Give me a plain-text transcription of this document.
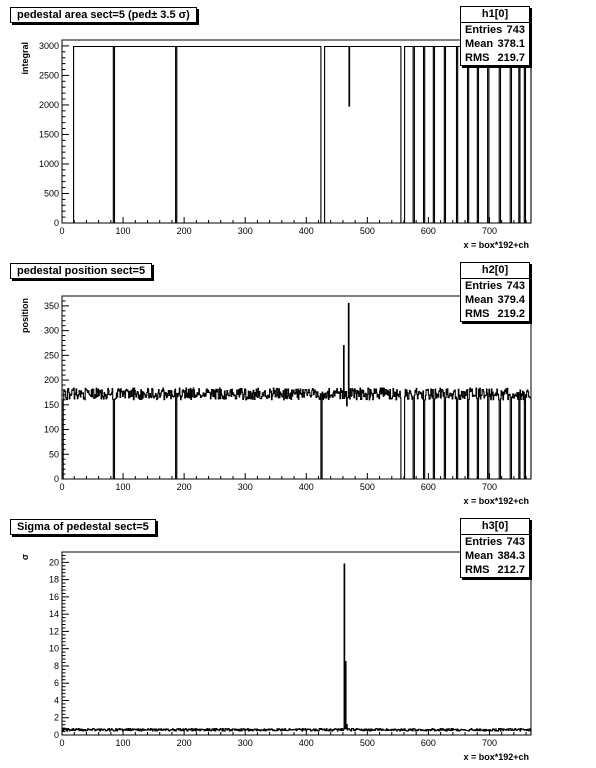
0	100	200	300	400	500	600	700
0
500
1000
1500
2000
2500
3000
x = box*192+ch
integral
pedestal area sect=5 (ped± 3.5 σ)	h1[0]
Entries 743
Mean 378.1
RMS 219.7
0	100	200	300	400	500	600	700
0
50
100
150
200
250
300
350
x = box*192+ch
position
pedestal position sect=5	h2[0]
Entries 743
Mean 379.4
RMS 219.2
0	100	200	300	400	500	600	700
0
2
4
6
8
10
12
14
16
18
20
x = box*192+ch
σ
Sigma of pedestal sect=5	h3[0]
Entries 743
Mean 384.3
RMS 212.7
